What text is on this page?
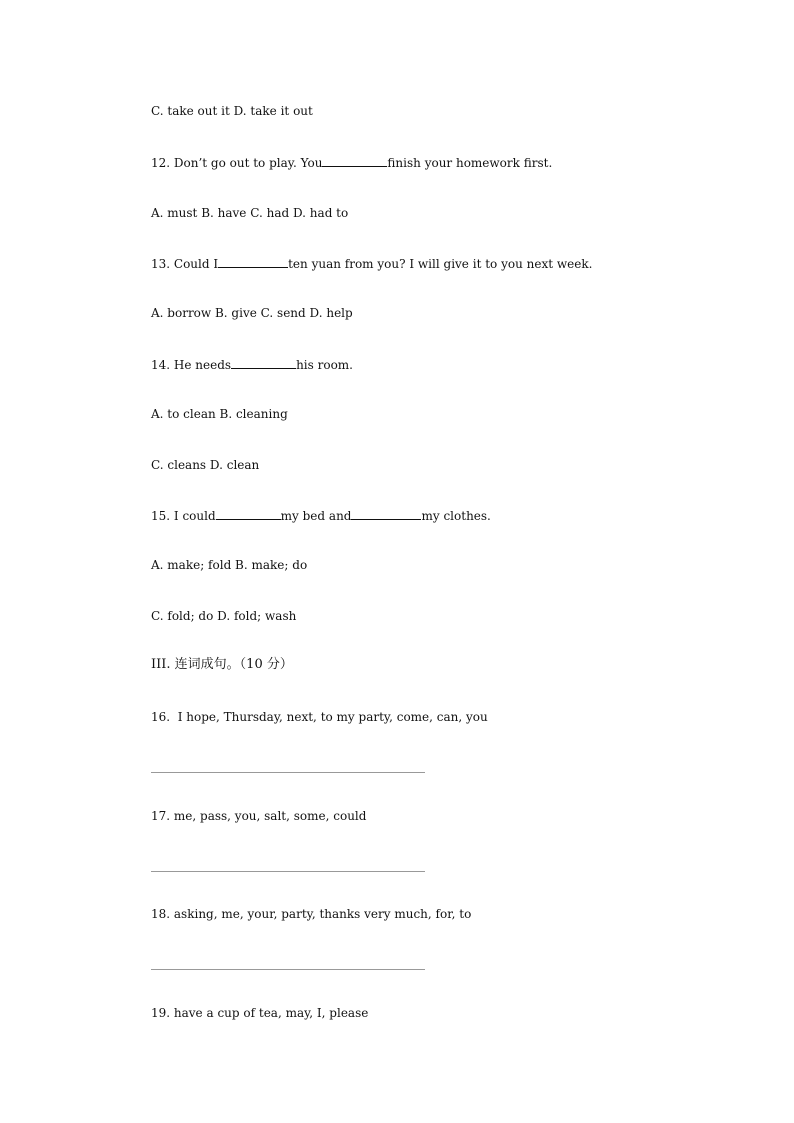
C. take out it D. take it out
12. Don’t go out to play. You	finish your homework first.
A. must B. have C. had D. had to
13. Could I	ten yuan from you? I will give it to you next week.
A. borrow B. give C. send D. help
14. He needs	his room.
A. to clean B. cleaning
C. cleans D. clean
15. I could	my bed and	my clothes.
A. make; fold B. make; do
C. fold; do D. fold; wash
III. 连词成句。（10 分）
16.  I hope, Thursday, next, to my party, come, can, you
17. me, pass, you, salt, some, could
18. asking, me, your, party, thanks very much, for, to
19. have a cup of tea, may, I, please
